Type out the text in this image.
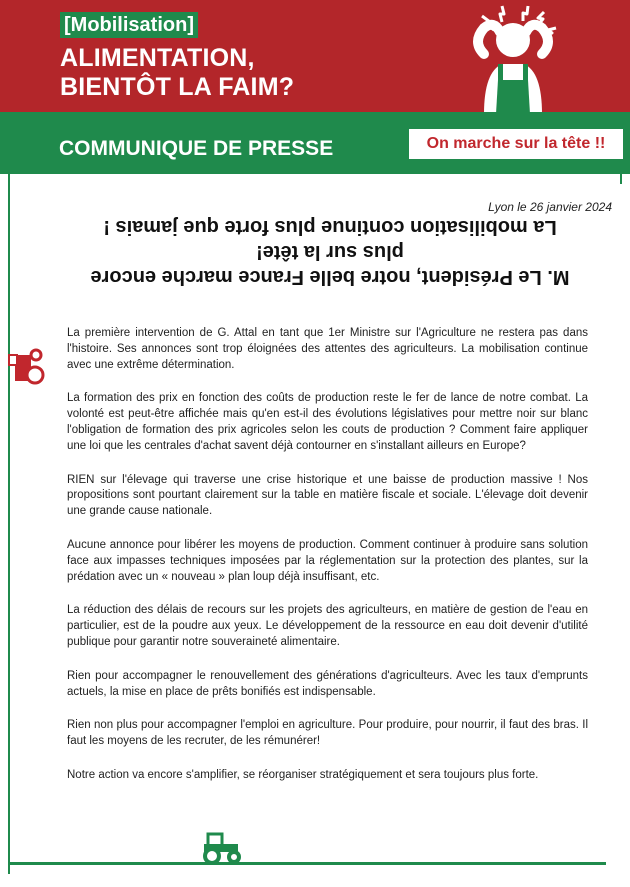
[Mobilisation]
ALIMENTATION,
BIENTÔT LA FAIM?
COMMUNIQUE DE PRESSE	On marche sur la tête !!
Lyon le 26 janvier 2024
M. Le Président, notre belle France marche encore
plus sur la tête!
La mobilisation continue plus forte que jamais !

La première intervention de G. Attal en tant que 1er Ministre sur l'Agriculture ne restera pas dans l'histoire. Ses annonces sont trop éloignées des attentes des agriculteurs. La mobilisation continue avec une extrême détermination.

La formation des prix en fonction des coûts de production reste le fer de lance de notre combat. La volonté est peut-être affichée mais qu'en est-il des évolutions législatives pour mettre noir sur blanc l'obligation de formation des prix agricoles selon les couts de production ? Comment faire appliquer une loi que les centrales d'achat savent déjà contourner en s'installant ailleurs en Europe?

RIEN sur l'élevage qui traverse une crise historique et une baisse de production massive ! Nos propositions sont pourtant clairement sur la table en matière fiscale et sociale. L'élevage doit devenir une grande cause nationale.

Aucune annonce pour libérer les moyens de production. Comment continuer à produire sans solution face aux impasses techniques imposées par la réglementation sur la protection des plantes, sur la prédation avec un « nouveau » plan loup déjà insuffisant, etc.

La réduction des délais de recours sur les projets des agriculteurs, en matière de gestion de l'eau en particulier, est de la poudre aux yeux. Le développement de la ressource en eau doit devenir d'utilité publique pour garantir notre souveraineté alimentaire.

Rien pour accompagner le renouvellement des générations d'agriculteurs. Avec les taux d'emprunts actuels, la mise en place de prêts bonifiés est indispensable.

Rien non plus pour accompagner l'emploi en agriculture. Pour produire, pour nourrir, il faut des bras. Il faut les moyens de les recruter, de les rémunérer!

Notre action va encore s'amplifier, se réorganiser stratégiquement et sera toujours plus forte.
